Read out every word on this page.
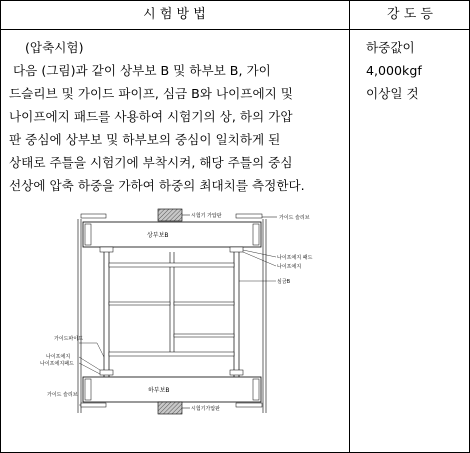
시 험 방 법	강 도 등
(압축시험)
다음 (그림)과 같이 상부보 B 및 하부보 B, 가이
드슬리브 및 가이드 파이프, 심금 B와 나이프에지 및
나이프에지 패드를 사용하여 시험기의 상, 하의 가압
판 중심에 상부보 및 하부보의 중심이 일치하게 된
상태로 주틀을 시험기에 부착시켜, 해당 주틀의 중심
선상에 압축 하중을 가하여 하중의 최대치를 측정한다.
하중값이
4,000kgf
이상일 것
시험기 가압판	가이드 슬리브
상부보B
나이프에지 패드
나이프에지
심금B
가이드파이프
나이프에지
나이프에지패드
하부보B
가이드 슬리브
시험기가압판
